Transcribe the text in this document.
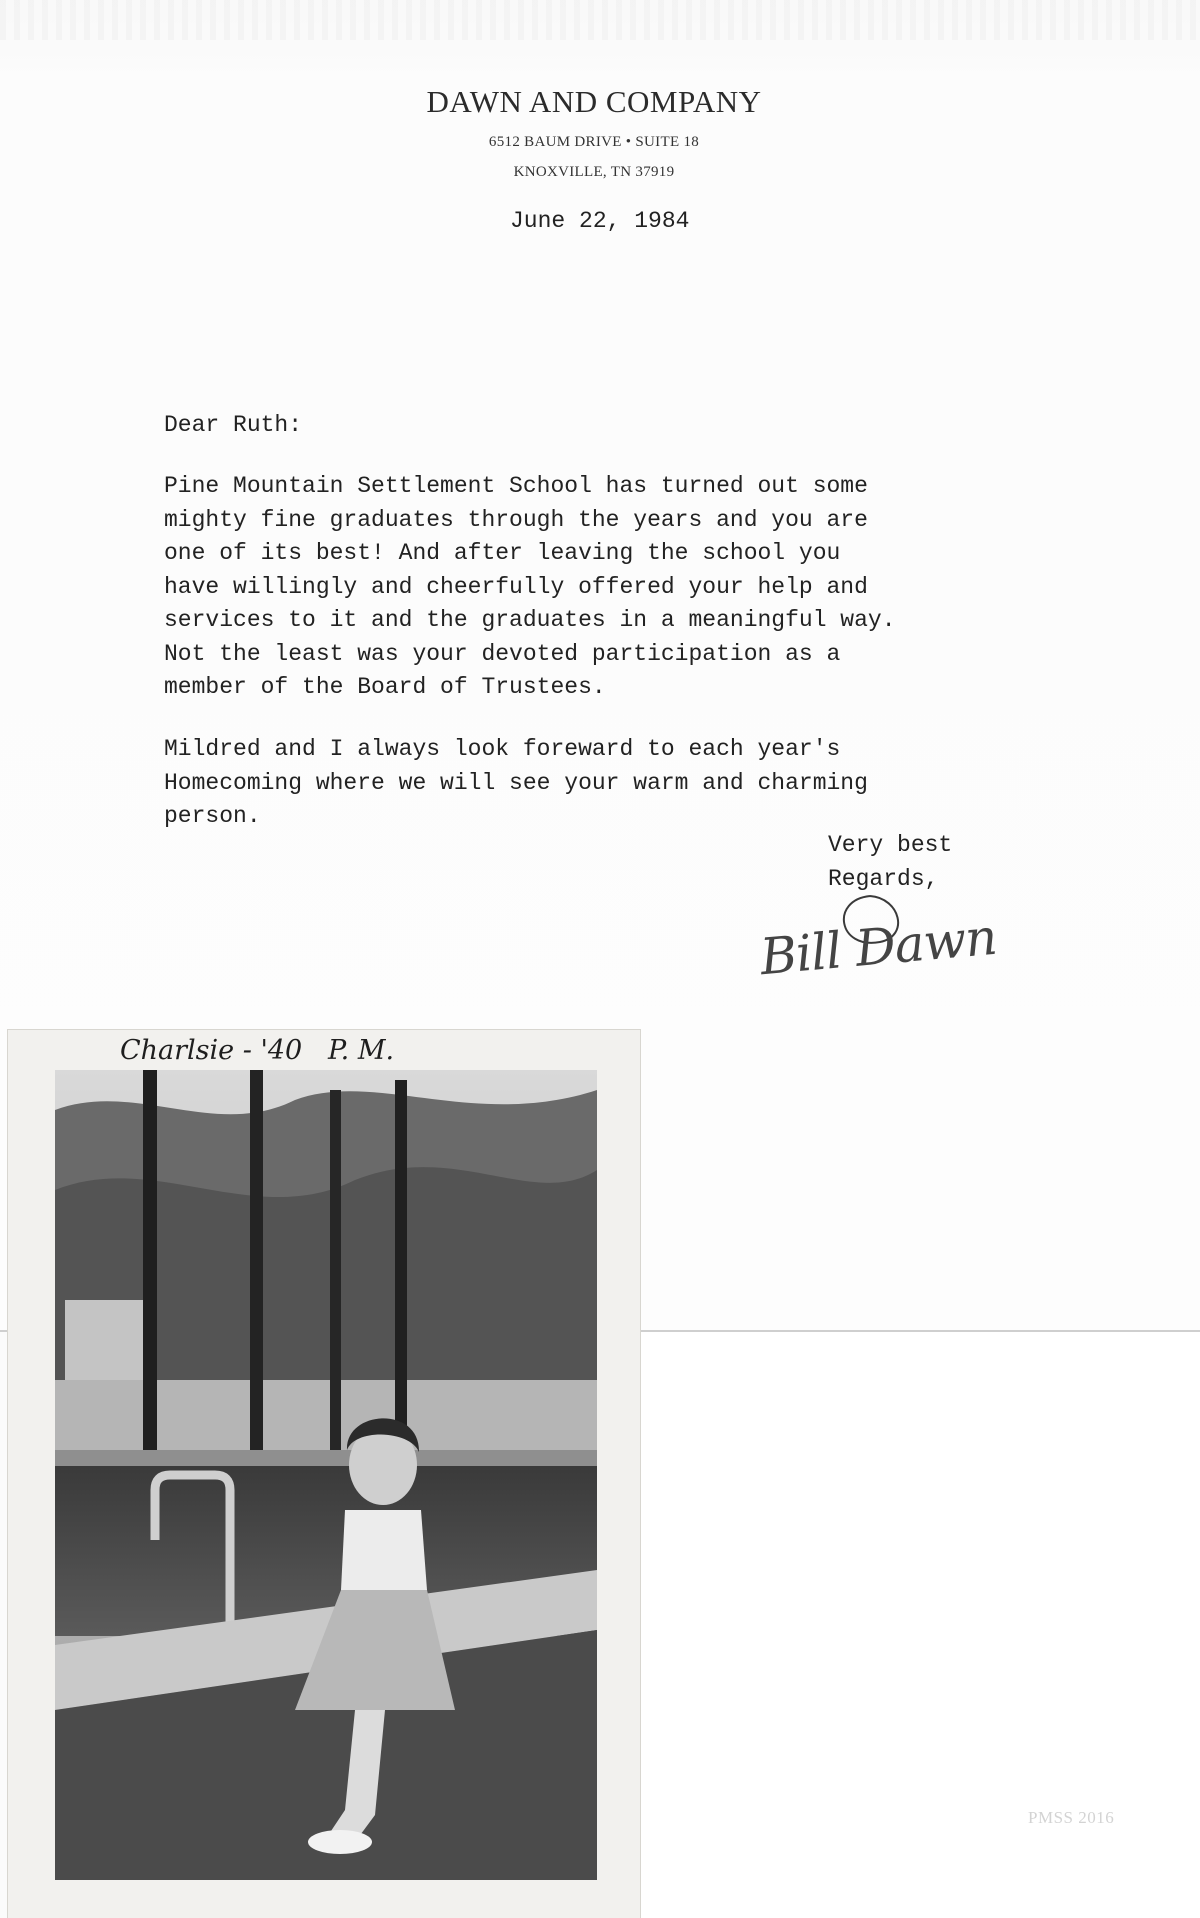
DAWN AND COMPANY
6512 BAUM DRIVE • SUITE 18
KNOXVILLE, TN 37919
June 22, 1984
Dear Ruth:
Pine Mountain Settlement School has turned out some
mighty fine graduates through the years and you are
one of its best! And after leaving the school you
have willingly and cheerfully offered your help and
services to it and the graduates in a meaningful way.
Not the least was your devoted participation as a
member of the Board of Trustees.
Mildred and I always look foreward to each year's
Homecoming where we will see your warm and charming
person.
Very best
Regards,
Bill Dawn
Charlsie - '40   P. M.
PMSS 2016
